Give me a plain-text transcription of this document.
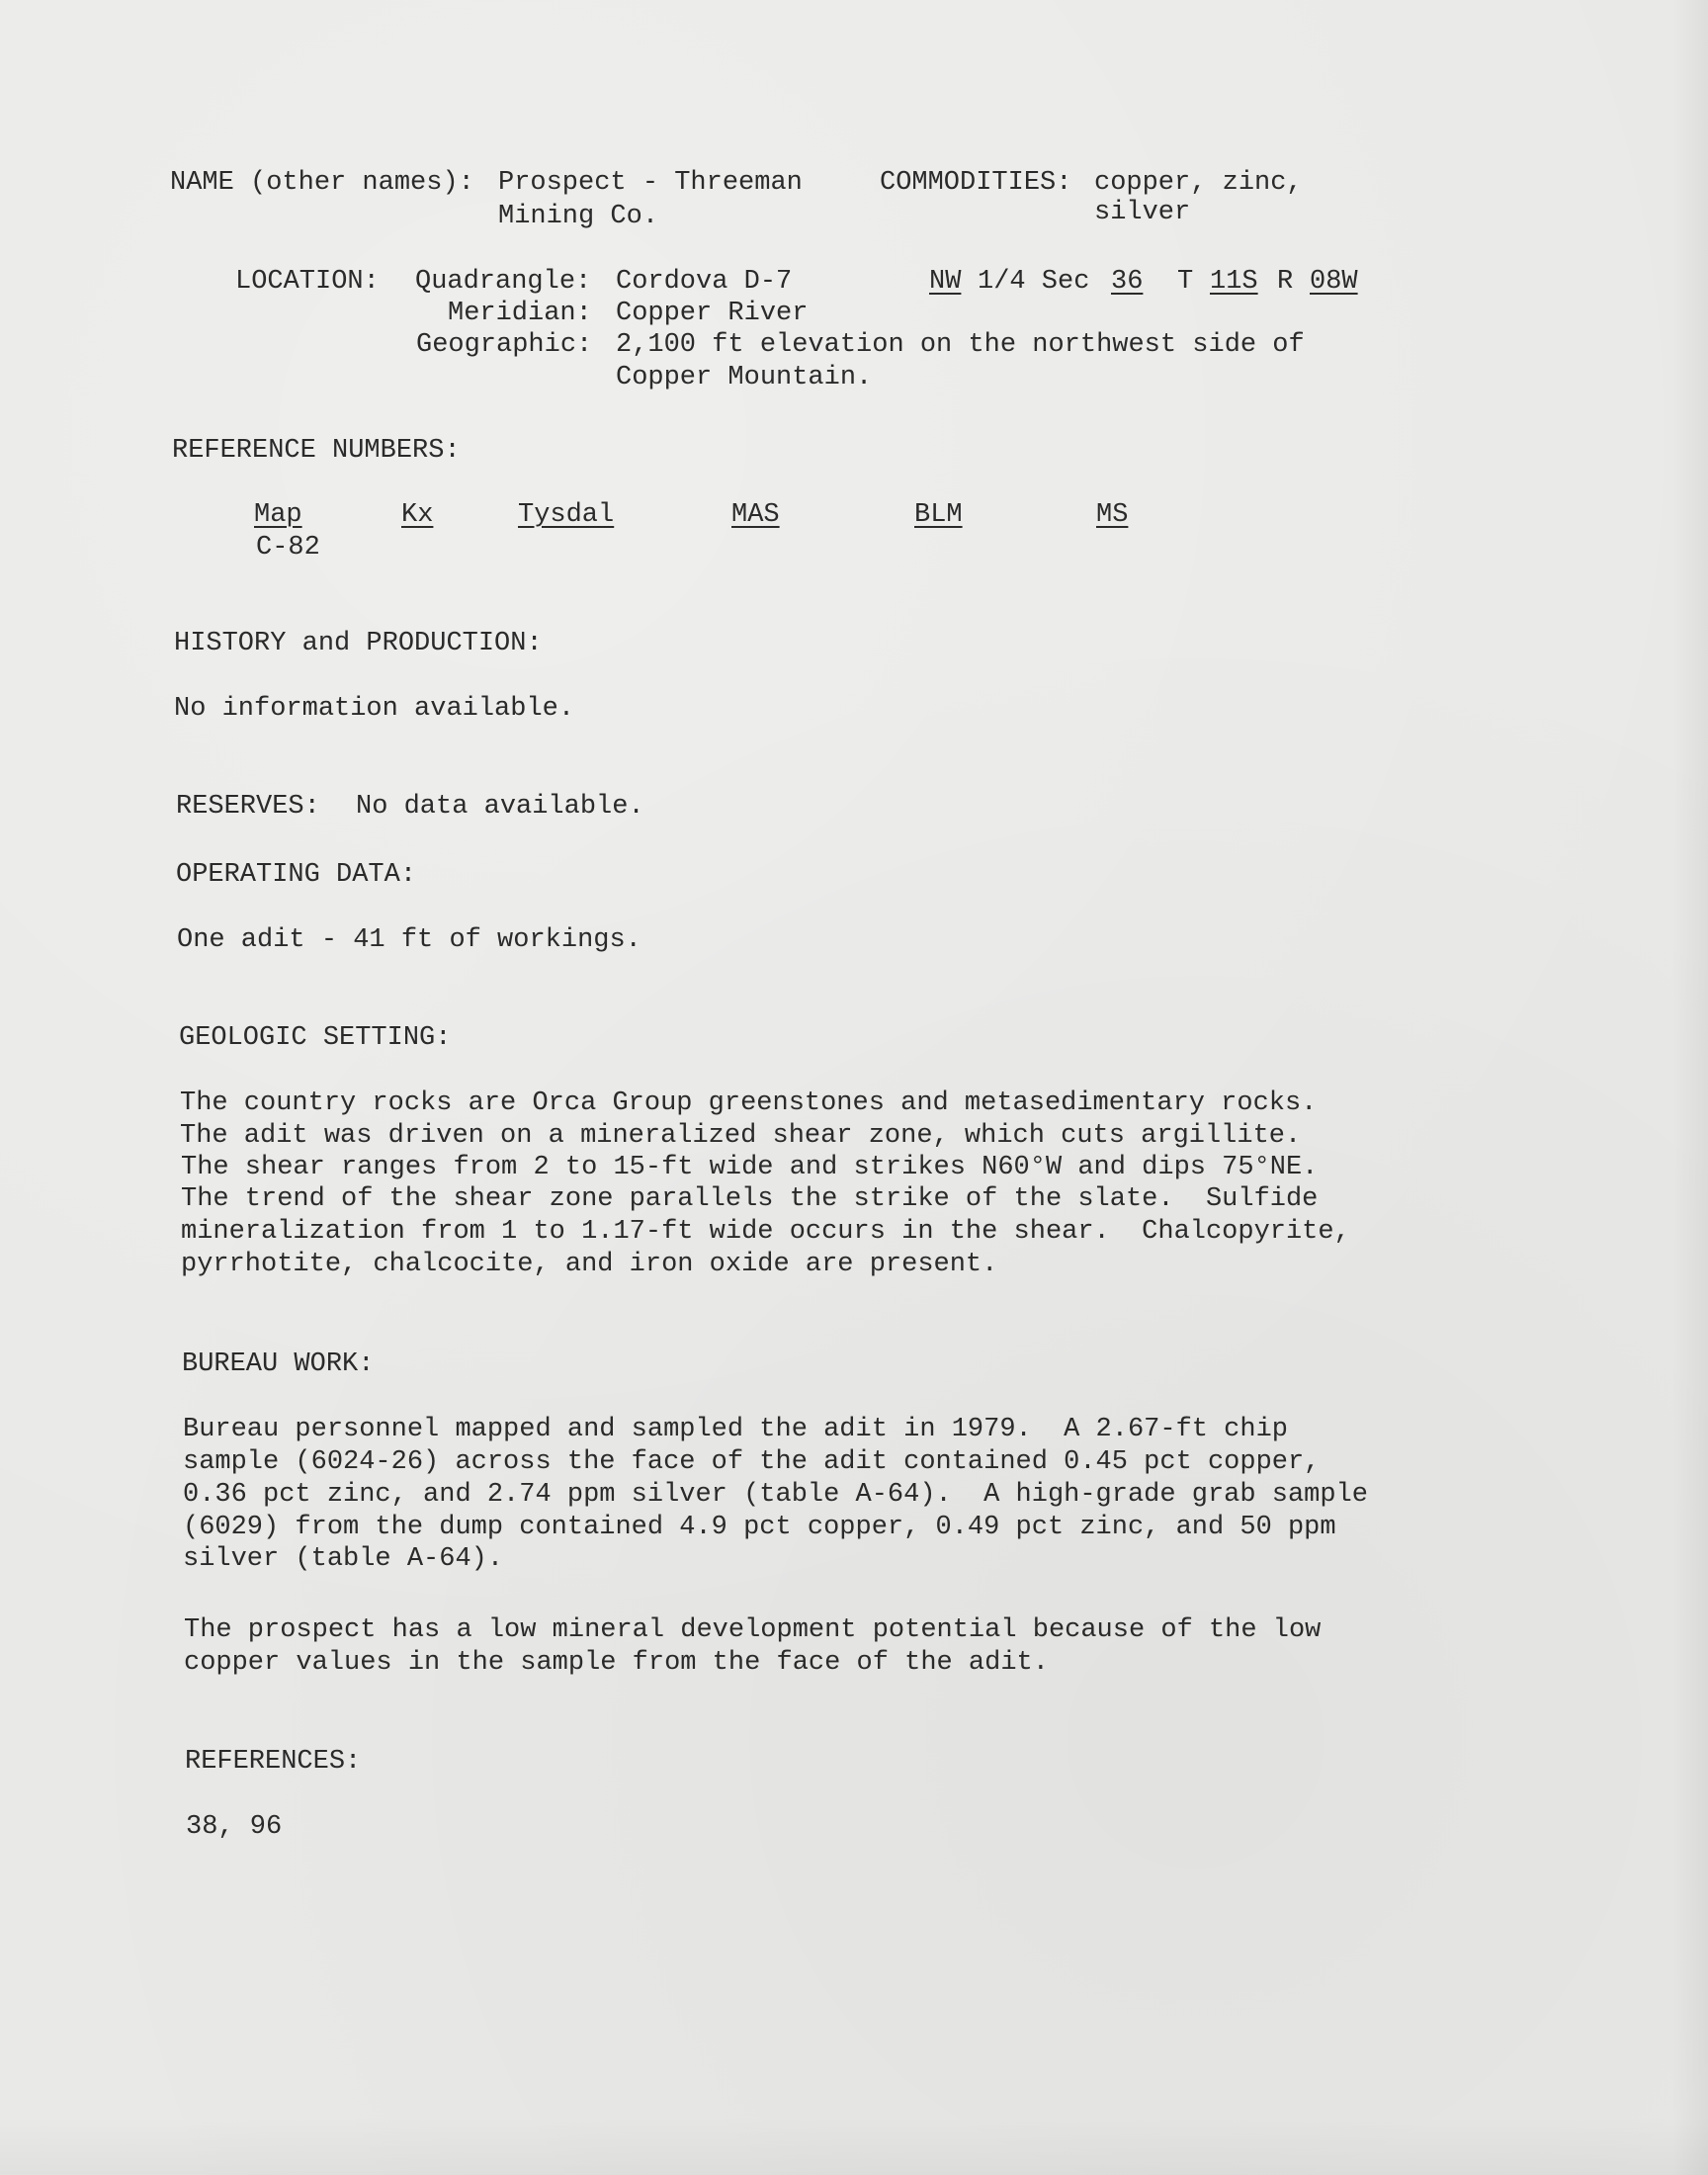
NAME (other names): Prospect - Threeman
Mining Co.
COMMODITIES: copper, zinc,
silver
LOCATION: Quadrangle: Cordova D-7
Meridian: Copper River
Geographic: 2,100 ft elevation on the northwest side of
Copper Mountain.
NW 1/4 Sec 36 T 11S R 08W
REFERENCE NUMBERS:
Map	Kx	Tysdal	MAS	BLM	MS
C-82
HISTORY and PRODUCTION:
No information available.
RESERVES: No data available.
OPERATING DATA:
One adit - 41 ft of workings.
GEOLOGIC SETTING:
The country rocks are Orca Group greenstones and metasedimentary rocks.
The adit was driven on a mineralized shear zone, which cuts argillite.
The shear ranges from 2 to 15-ft wide and strikes N60°W and dips 75°NE.
The trend of the shear zone parallels the strike of the slate.  Sulfide
mineralization from 1 to 1.17-ft wide occurs in the shear.  Chalcopyrite,
pyrrhotite, chalcocite, and iron oxide are present.
BUREAU WORK:
Bureau personnel mapped and sampled the adit in 1979.  A 2.67-ft chip
sample (6024-26) across the face of the adit contained 0.45 pct copper,
0.36 pct zinc, and 2.74 ppm silver (table A-64).  A high-grade grab sample
(6029) from the dump contained 4.9 pct copper, 0.49 pct zinc, and 50 ppm
silver (table A-64).
The prospect has a low mineral development potential because of the low
copper values in the sample from the face of the adit.
REFERENCES:
38, 96
